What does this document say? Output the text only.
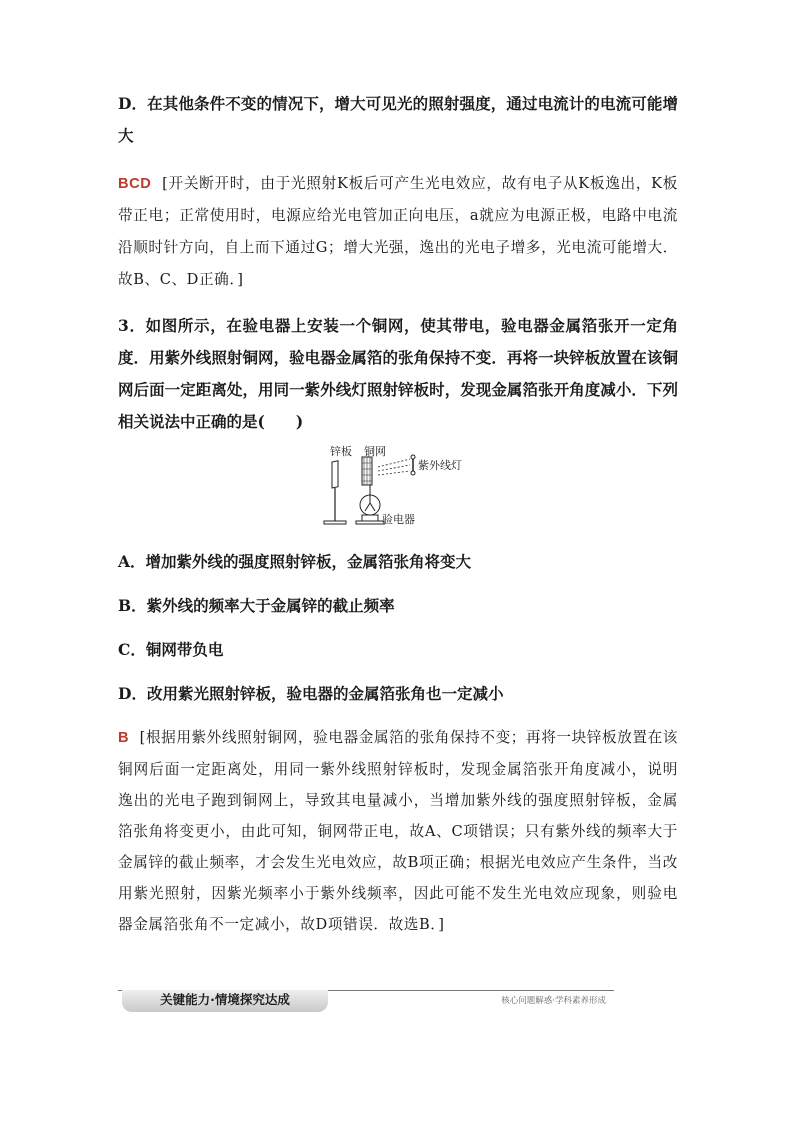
D．在其他条件不变的情况下，增大可见光的照射强度，通过电流计的电流可能增大
BCD [开关断开时，由于光照射K板后可产生光电效应，故有电子从K板逸出，K板带正电；正常使用时，电源应给光电管加正向电压，a就应为电源正极，电路中电流沿顺时针方向，自上而下通过G；增大光强，逸出的光电子增多，光电流可能增大．故B、C、D正确．]
3．如图所示，在验电器上安装一个铜网，使其带电，验电器金属箔张开一定角度．用紫外线照射铜网，验电器金属箔的张角保持不变．再将一块锌板放置在该铜网后面一定距离处，用同一紫外线灯照射锌板时，发现金属箔张开角度减小．下列相关说法中正确的是(　　)
锌板 铜网
紫外线灯
验电器
A．增加紫外线的强度照射锌板，金属箔张角将变大
B．紫外线的频率大于金属锌的截止频率
C．铜网带负电
D．改用紫光照射锌板，验电器的金属箔张角也一定减小
B [根据用紫外线照射铜网，验电器金属箔的张角保持不变；再将一块锌板放置在该铜网后面一定距离处，用同一紫外线照射锌板时，发现金属箔张开角度减小，说明逸出的光电子跑到铜网上，导致其电量减小，当增加紫外线的强度照射锌板，金属箔张角将变更小，由此可知，铜网带正电，故A、C项错误；只有紫外线的频率大于金属锌的截止频率，才会发生光电效应，故B项正确；根据光电效应产生条件，当改用紫光照射，因紫光频率小于紫外线频率，因此可能不发生光电效应现象，则验电器金属箔张角不一定减小，故D项错误．故选B．]
关键能力·情境探究达成	核心问题解惑·学科素养形成
